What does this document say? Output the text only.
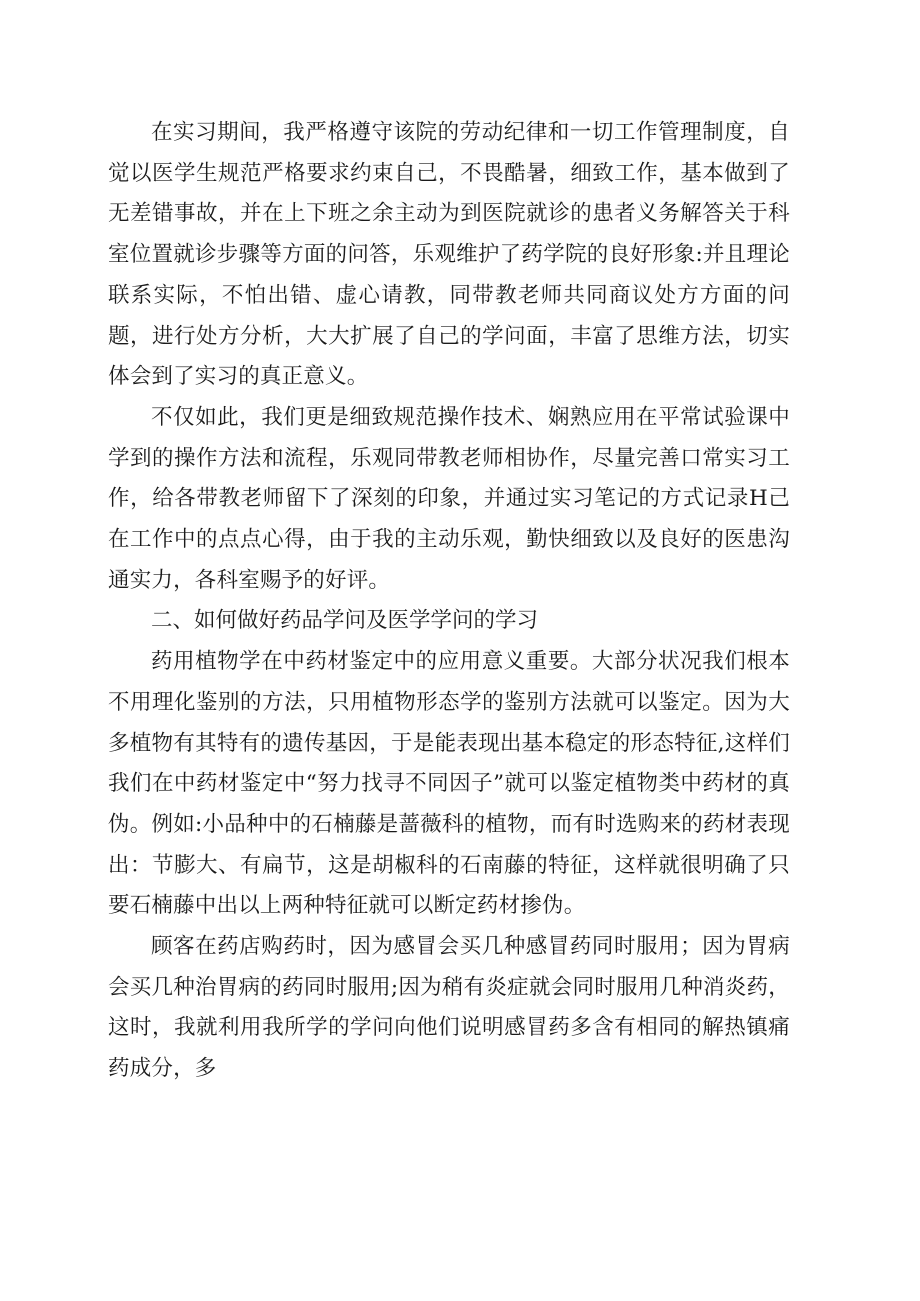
在实习期间，我严格遵守该院的劳动纪律和一切工作管理制度，自觉以医学生规范严格要求约束自己，不畏酷暑，细致工作，基本做到了无差错事故，并在上下班之余主动为到医院就诊的患者义务解答关于科室位置就诊步骤等方面的问答，乐观维护了药学院的良好形象:并且理论联系实际，不怕出错、虚心请教，同带教老师共同商议处方方面的问题，进行处方分析，大大扩展了自己的学问面，丰富了思维方法，切实体会到了实习的真正意义。

不仅如此，我们更是细致规范操作技术、娴熟应用在平常试验课中学到的操作方法和流程，乐观同带教老师相协作，尽量完善口常实习工作，给各带教老师留下了深刻的印象，并通过实习笔记的方式记录H己在工作中的点点心得，由于我的主动乐观，勤快细致以及良好的医患沟通实力，各科室赐予的好评。

二、如何做好药品学问及医学学问的学习

药用植物学在中药材鉴定中的应用意义重要。大部分状况我们根本不用理化鉴别的方法，只用植物形态学的鉴别方法就可以鉴定。因为大多植物有其特有的遗传基因，于是能表现出基本稳定的形态特征,这样们我们在中药材鉴定中“努力找寻不同因子”就可以鉴定植物类中药材的真伪。例如:小品种中的石楠藤是蔷薇科的植物，而有时选购来的药材表现出：节膨大、有扁节，这是胡椒科的石南藤的特征，这样就很明确了只要石楠藤中出以上两种特征就可以断定药材掺伪。

顾客在药店购药时，因为感冒会买几种感冒药同时服用；因为胃病会买几种治胃病的药同时服用;因为稍有炎症就会同时服用几种消炎药，这时，我就利用我所学的学问向他们说明感冒药多含有相同的解热镇痛药成分，多
